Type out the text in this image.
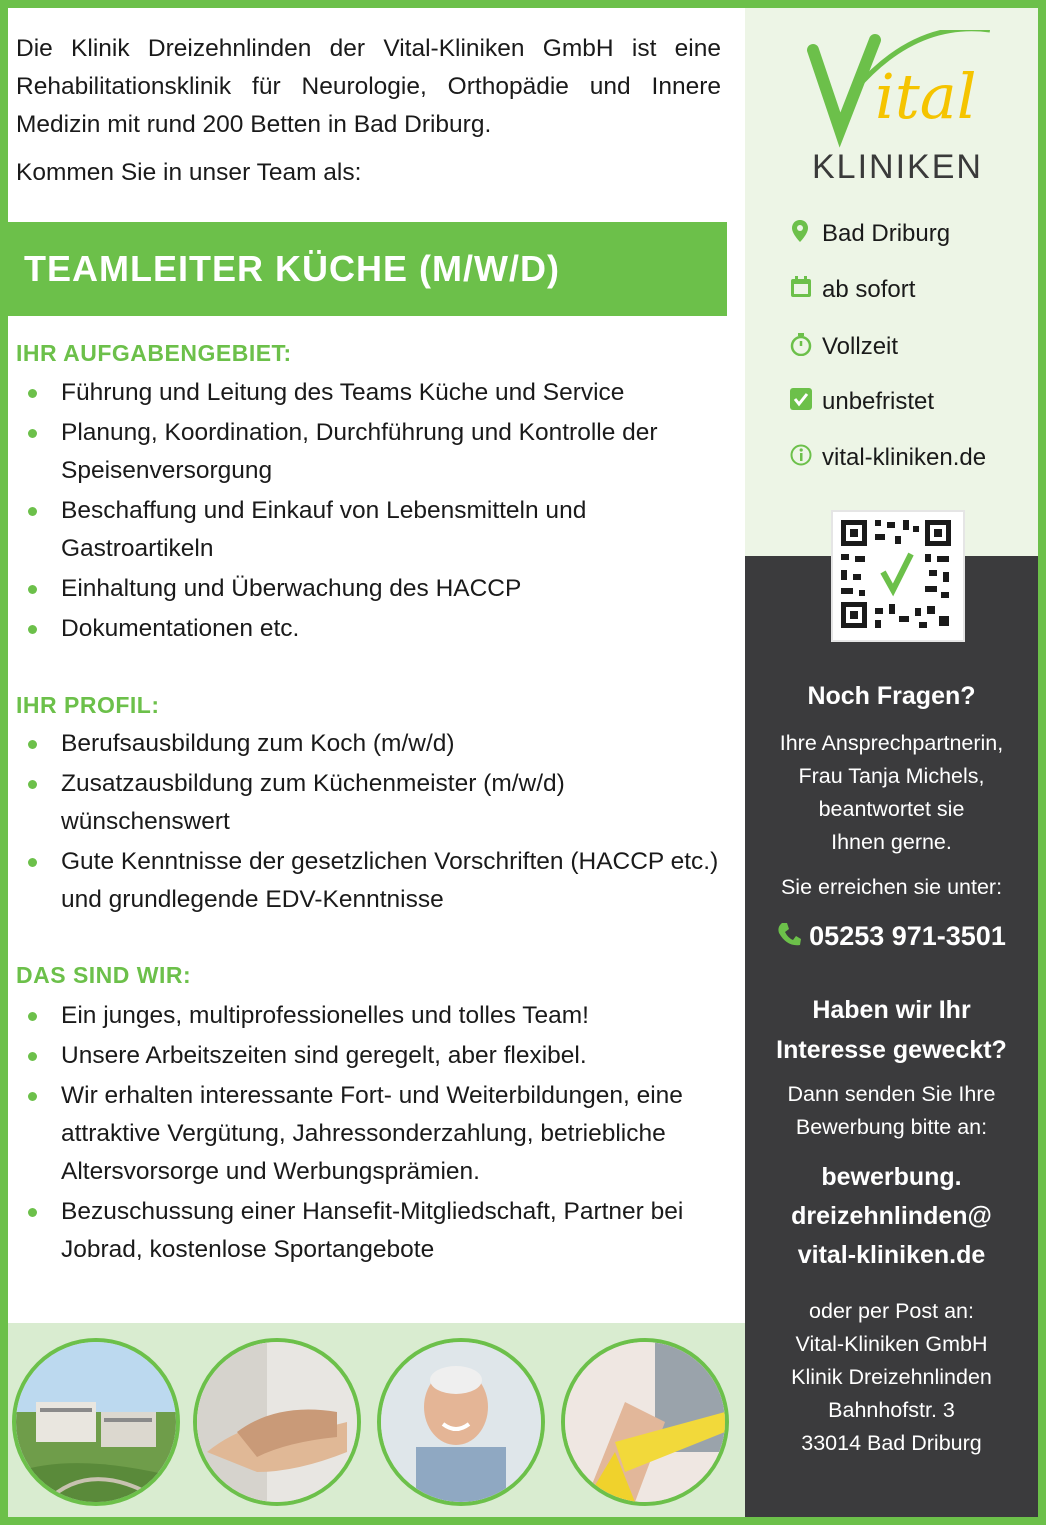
Die Klinik Dreizehnlinden der Vital-Kliniken GmbH ist eine Rehabilitationsklinik für Neurologie, Orthopädie und Innere Medizin mit rund 200 Betten in Bad Driburg.

Kommen Sie in unser Team als:

TEAMLEITER KÜCHE (M/W/D)
IHR AUFGABENGEBIET:
Führung und Leitung des Teams Küche und Service
Planung, Koordination, Durchführung und Kontrolle der Speisenversorgung
Beschaffung und Einkauf von Lebensmitteln und Gastroartikeln
Einhaltung und Überwachung des HACCP
Dokumentationen etc.
IHR PROFIL:
Berufsausbildung zum Koch (m/w/d)
Zusatzausbildung zum Küchenmeister (m/w/d) wünschenswert
Gute Kenntnisse der gesetzlichen Vorschriften (HACCP etc.) und grundlegende EDV-Kenntnisse
DAS SIND WIR:
Ein junges, multiprofessionelles und tolles Team!
Unsere Arbeitszeiten sind geregelt, aber flexibel.
Wir erhalten interessante Fort- und Weiterbildungen, eine attraktive Vergütung, Jahressonderzahlung, betriebliche Altersvorsorge und Werbungsprämien.
Bezuschussung einer Hansefit-Mitgliedschaft, Partner bei Jobrad, kostenlose Sportangebote
ital
KLINIKEN
Bad Driburg
ab sofort
Vollzeit
unbefristet
vital-kliniken.de
Noch Fragen?
Ihre Ansprechpartnerin,
Frau Tanja Michels,
beantwortet sie
Ihnen gerne.
Sie erreichen sie unter:
05253 971-3501
Haben wir Ihr
Interesse geweckt?
Dann senden Sie Ihre
Bewerbung bitte an:
bewerbung.
dreizehnlinden@
vital-kliniken.de
oder per Post an:
Vital-Kliniken GmbH
Klinik Dreizehnlinden
Bahnhofstr. 3
33014 Bad Driburg
